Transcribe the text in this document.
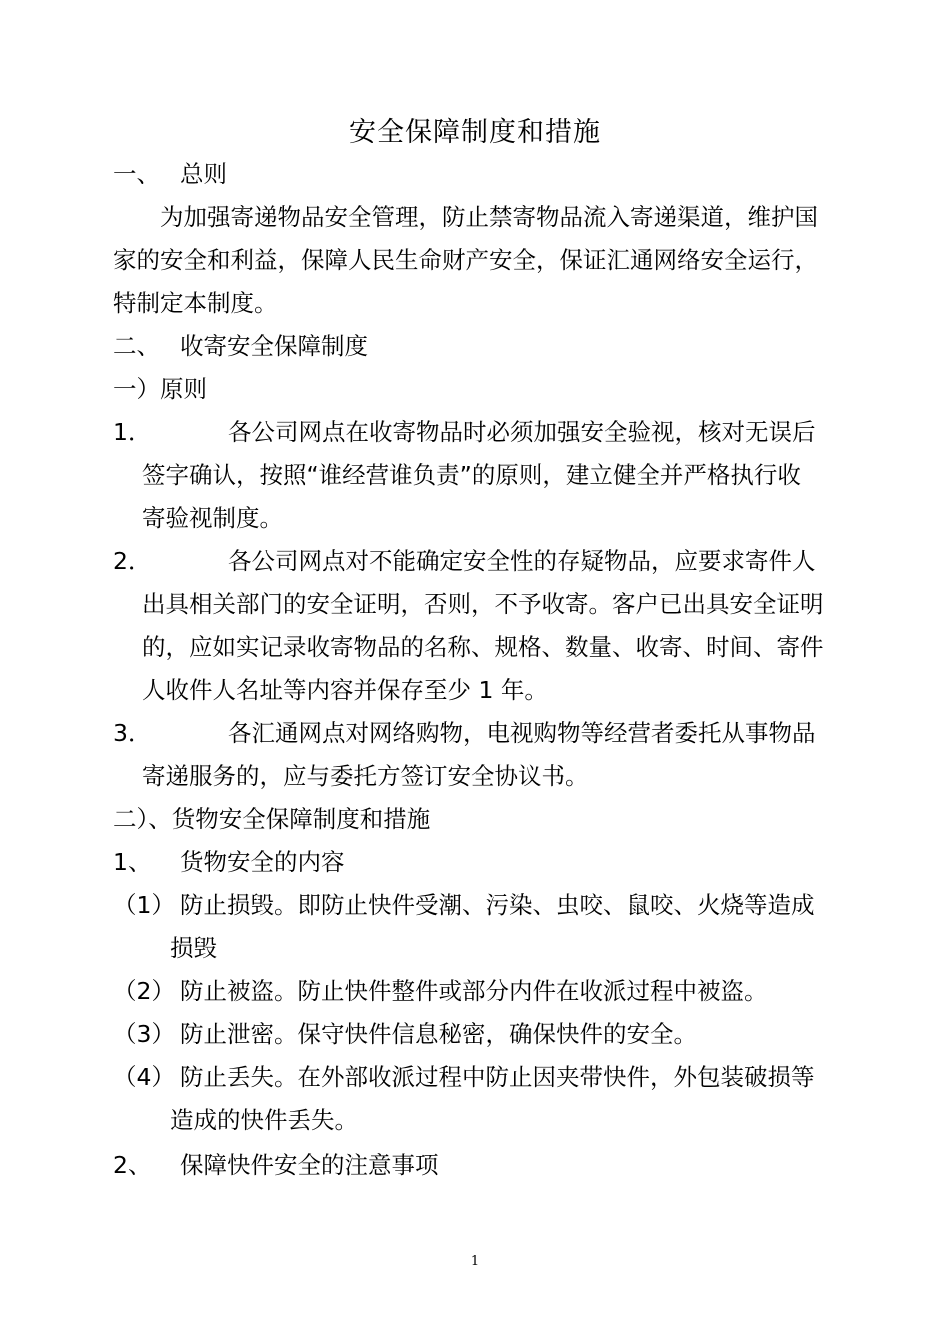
安全保障制度和措施
一、 总则
为加强寄递物品安全管理，防止禁寄物品流入寄递渠道，维护国
家的安全和利益，保障人民生命财产安全，保证汇通网络安全运行，
特制定本制度。
二、 收寄安全保障制度
一）原则
1．	各公司网点在收寄物品时必须加强安全验视，核对无误后
签字确认，按照“谁经营谁负责”的原则，建立健全并严格执行收
寄验视制度。
2．	各公司网点对不能确定安全性的存疑物品，应要求寄件人
出具相关部门的安全证明，否则，不予收寄。客户已出具安全证明
的，应如实记录收寄物品的名称、规格、数量、收寄、时间、寄件
人收件人名址等内容并保存至少 1 年。
3．	各汇通网点对网络购物，电视购物等经营者委托从事物品
寄递服务的，应与委托方签订安全协议书。
二）、货物安全保障制度和措施
1、 货物安全的内容
（1） 防止损毁。即防止快件受潮、污染、虫咬、鼠咬、火烧等造成
损毁
（2） 防止被盗。防止快件整件或部分内件在收派过程中被盗。
（3） 防止泄密。保守快件信息秘密，确保快件的安全。
（4） 防止丢失。在外部收派过程中防止因夹带快件，外包装破损等
造成的快件丢失。
2、 保障快件安全的注意事项
1
